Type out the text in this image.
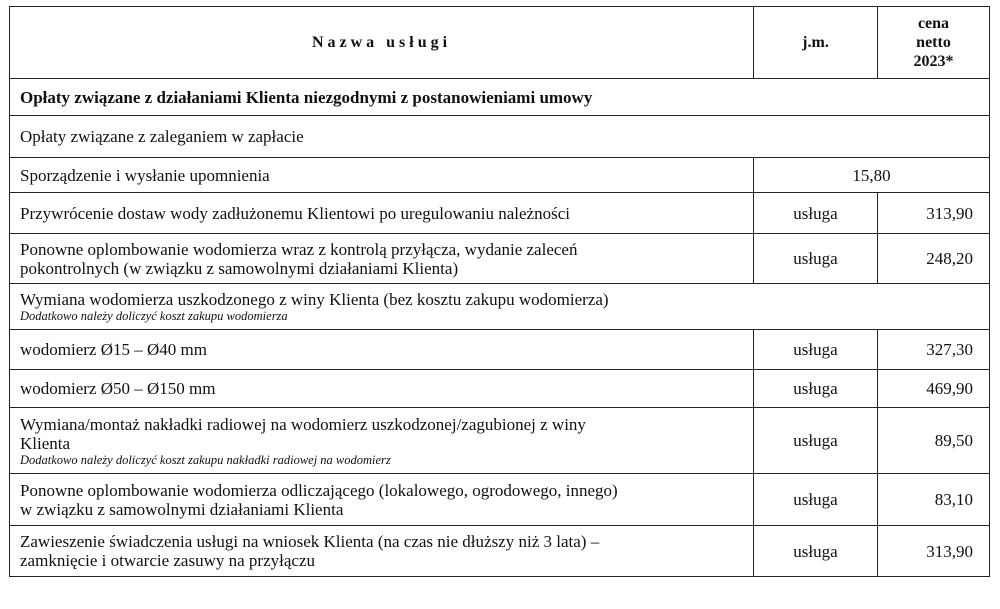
Nazwa usługi	j.m.	cena
netto
2023*

Opłaty związane z działaniami Klienta niezgodnymi z postanowieniami umowy		
Opłaty związane z zaleganiem w zapłacie		
Sporządzenie i wysłanie upomnienia	15,80	
Przywrócenie dostaw wody zadłużonemu Klientowi po uregulowaniu należności	usługa	313,90

Ponowne oplombowanie wodomierza wraz z kontrolą przyłącza, wydanie zaleceń
pokontrolnych (w związku z samowolnymi działaniami Klienta)	usługa	248,20

Wymiana wodomierza uszkodzonego z winy Klienta (bez kosztu zakupu wodomierza)
Dodatkowo należy doliczyć koszt zakupu wodomierza		

wodomierz Ø15 – Ø40 mm	usługa	327,30
wodomierz Ø50 – Ø150 mm	usługa	469,90

Wymiana/montaż nakładki radiowej na wodomierz uszkodzonej/zagubionej z winy
Klienta
Dodatkowo należy doliczyć koszt zakupu nakładki radiowej na wodomierz	usługa	89,50

Ponowne oplombowanie wodomierza odliczającego (lokalowego, ogrodowego, innego)
w związku z samowolnymi działaniami Klienta	usługa	83,10

Zawieszenie świadczenia usługi na wniosek Klienta (na czas nie dłuższy niż 3 lata) –
zamknięcie i otwarcie zasuwy na przyłączu	usługa	313,90
